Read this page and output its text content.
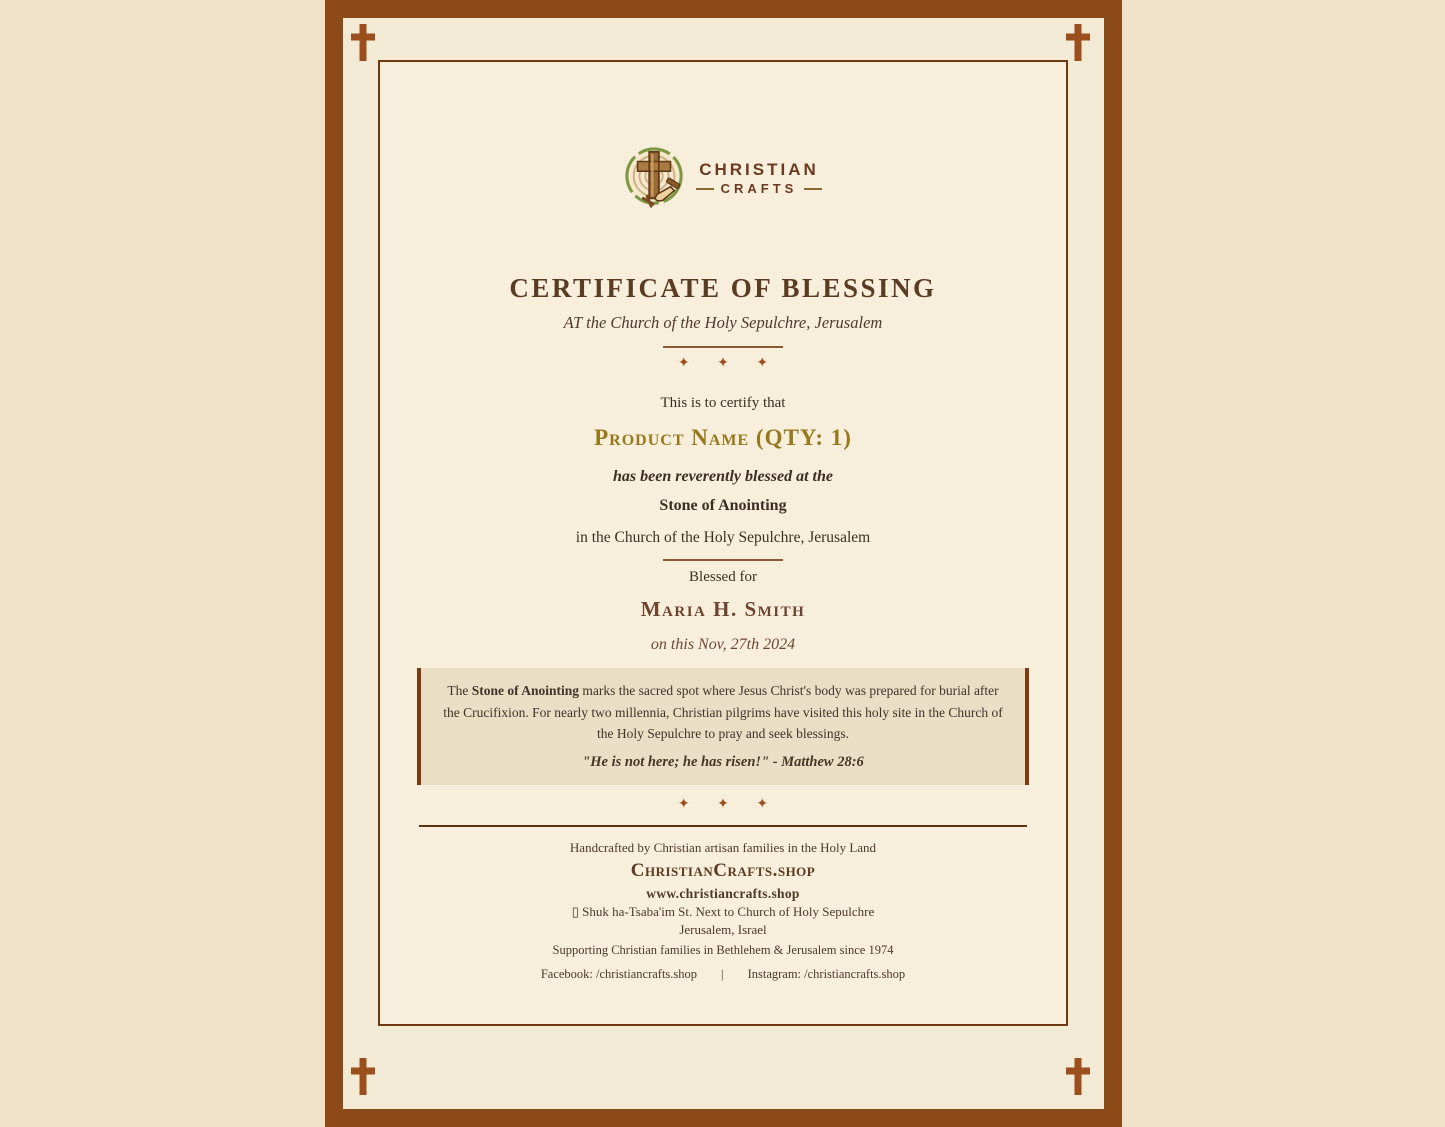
CHRISTIAN
CRAFTS
CERTIFICATE OF BLESSING
AT the Church of the Holy Sepulchre, Jerusalem
✦ ✦ ✦
This is to certify that
Product Name (QTY: 1)
has been reverently blessed at the
Stone of Anointing
in the Church of the Holy Sepulchre, Jerusalem
Blessed for
Maria H. Smith
on this Nov, 27th 2024

The Stone of Anointing marks the sacred spot where Jesus Christ's body was prepared for burial after the Crucifixion. For nearly two millennia, Christian pilgrims have visited this holy site in the Church of the Holy Sepulchre to pray and seek blessings.

"He is not here; he has risen!" - Matthew 28:6
✦ ✦ ✦
Handcrafted by Christian artisan families in the Holy Land
ChristianCrafts.shop
www.christiancrafts.shop
▯ Shuk ha-Tsaba'im St. Next to Church of Holy Sepulchre
Jerusalem, Israel
Supporting Christian families in Bethlehem & Jerusalem since 1974
Facebook: /christiancrafts.shop | Instagram: /christiancrafts.shop
